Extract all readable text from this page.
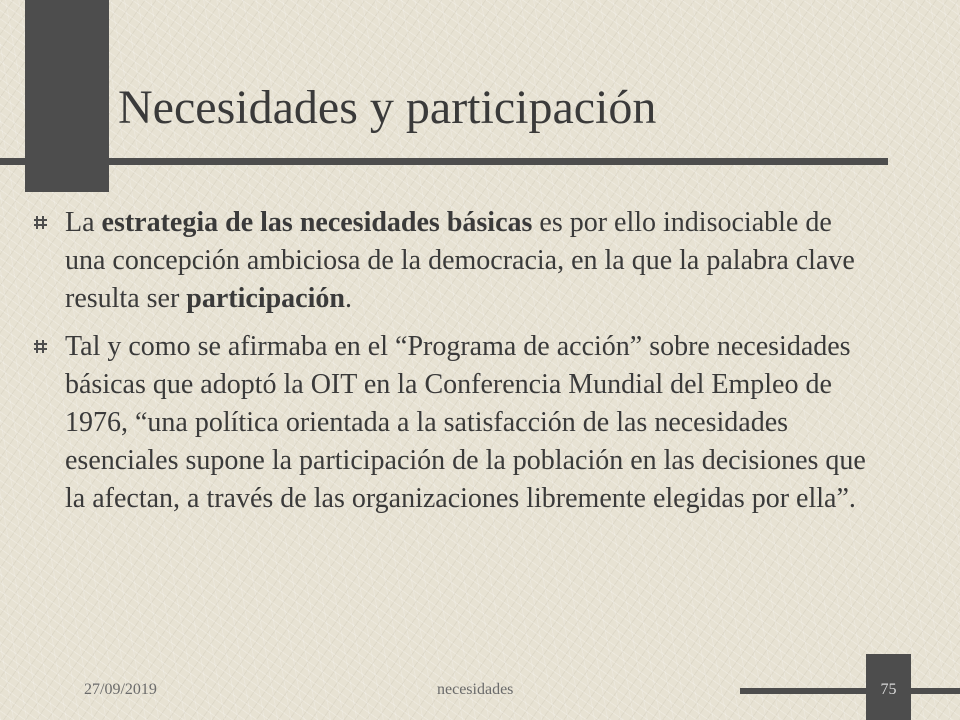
Necesidades y participación
La estrategia de las necesidades básicas es por ello indisociable de una concepción ambiciosa de la democracia, en la que la palabra clave resulta ser participación.
Tal y como se afirmaba en el “Programa de acción” sobre necesidades básicas que adoptó la OIT en la Conferencia Mundial del Empleo de 1976, “una política orientada a la satisfacción de las necesidades esenciales supone la participación de la población en las decisiones que la afectan, a través de las organizaciones libremente elegidas por ella”.
27/09/2019	necesidades	75
